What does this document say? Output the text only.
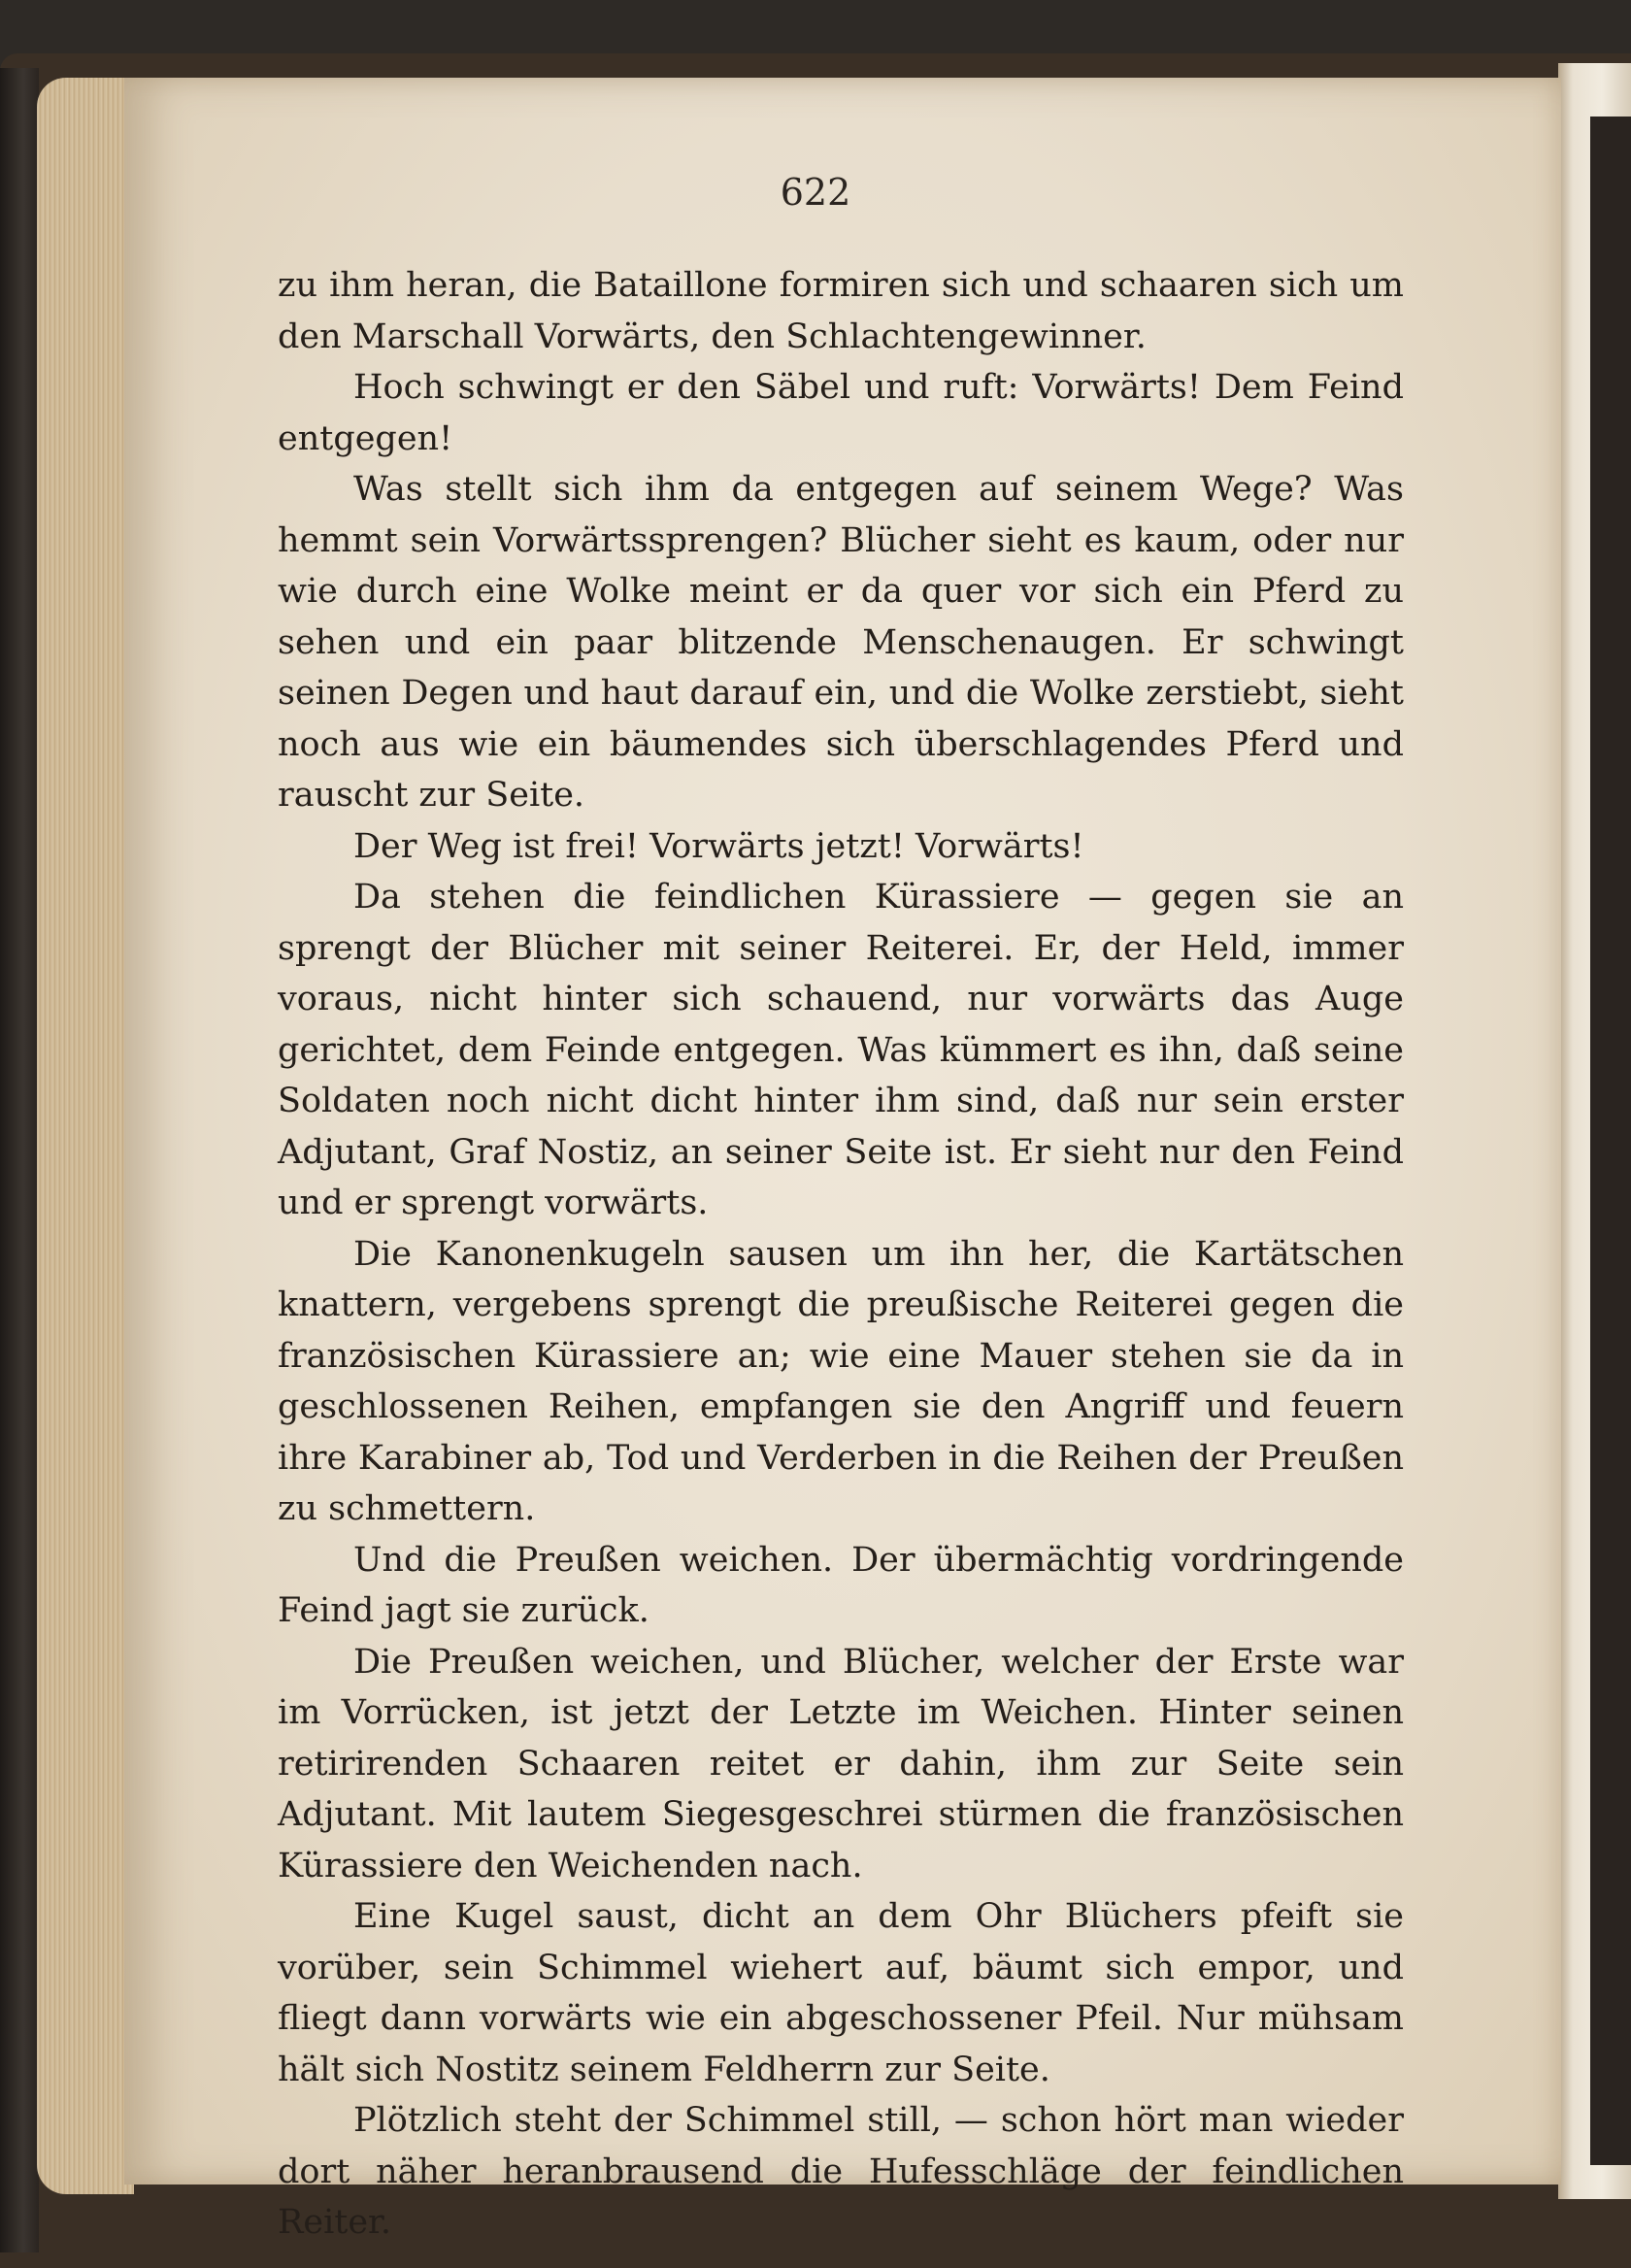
622

zu ihm heran, die Bataillone formiren sich und schaaren sich um den Marschall Vorwärts, den Schlachtengewinner.

Hoch schwingt er den Säbel und ruft: Vorwärts! Dem Feind entgegen!

Was stellt sich ihm da entgegen auf seinem Wege? Was hemmt sein Vorwärtssprengen? Blücher sieht es kaum, oder nur wie durch eine Wolke meint er da quer vor sich ein Pferd zu sehen und ein paar blitzende Menschenaugen. Er schwingt seinen Degen und haut darauf ein, und die Wolke zerstiebt, sieht noch aus wie ein bäumendes sich überschlagendes Pferd und rauscht zur Seite.

Der Weg ist frei! Vorwärts jetzt! Vorwärts!

Da stehen die feindlichen Kürassiere — gegen sie an sprengt der Blücher mit seiner Reiterei. Er, der Held, immer voraus, nicht hinter sich schauend, nur vorwärts das Auge gerichtet, dem Feinde entgegen. Was kümmert es ihn, daß seine Soldaten noch nicht dicht hinter ihm sind, daß nur sein erster Adjutant, Graf Nostiz, an seiner Seite ist. Er sieht nur den Feind und er sprengt vorwärts.

Die Kanonenkugeln sausen um ihn her, die Kartätschen knattern, vergebens sprengt die preußische Reiterei gegen die französischen Kürassiere an; wie eine Mauer stehen sie da in geschlossenen Reihen, empfangen sie den Angriff und feuern ihre Karabiner ab, Tod und Verderben in die Reihen der Preußen zu schmettern.

Und die Preußen weichen. Der übermächtig vordringende Feind jagt sie zurück.

Die Preußen weichen, und Blücher, welcher der Erste war im Vorrücken, ist jetzt der Letzte im Weichen. Hinter seinen retirirenden Schaaren reitet er dahin, ihm zur Seite sein Adjutant. Mit lautem Siegesgeschrei stürmen die französischen Kürassiere den Weichenden nach.

Eine Kugel saust, dicht an dem Ohr Blüchers pfeift sie vorüber, sein Schimmel wiehert auf, bäumt sich empor, und fliegt dann vorwärts wie ein abgeschossener Pfeil. Nur mühsam hält sich Nostitz seinem Feldherrn zur Seite.

Plötzlich steht der Schimmel still, — schon hört man wieder dort näher heranbrausend die Hufesschläge der feindlichen Reiter.
